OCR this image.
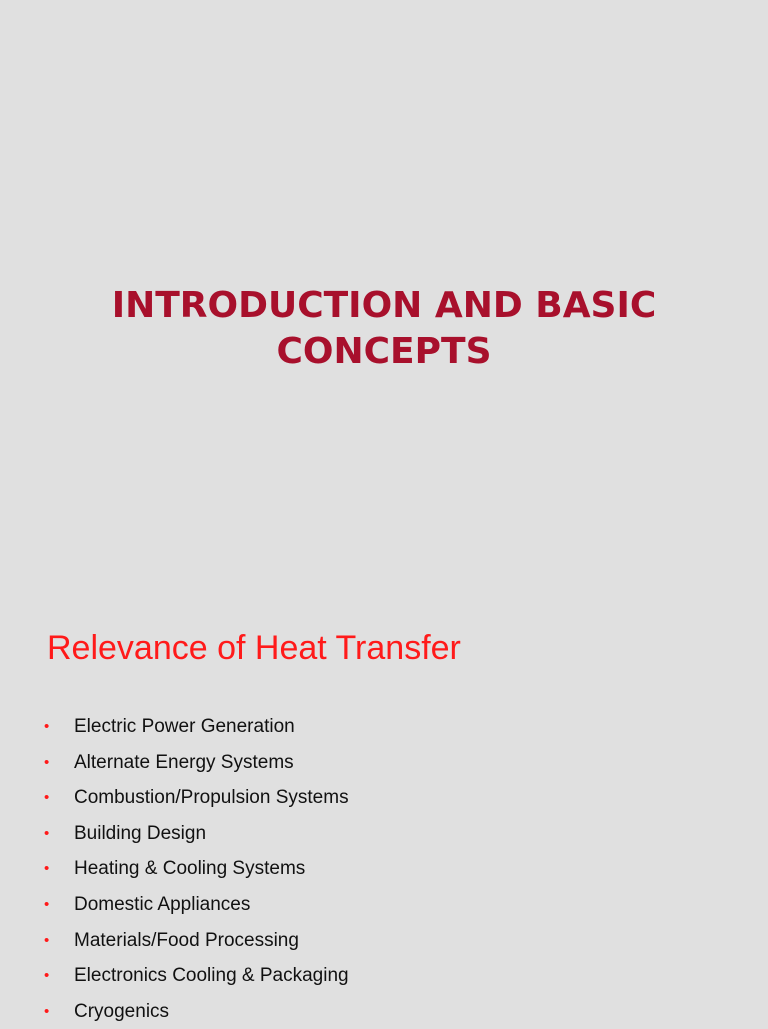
INTRODUCTION AND BASIC CONCEPTS
Relevance of Heat Transfer
• Electric Power Generation
• Alternate Energy Systems
• Combustion/Propulsion Systems
• Building Design
• Heating & Cooling Systems
• Domestic Appliances
• Materials/Food Processing
• Electronics Cooling & Packaging
• Cryogenics
